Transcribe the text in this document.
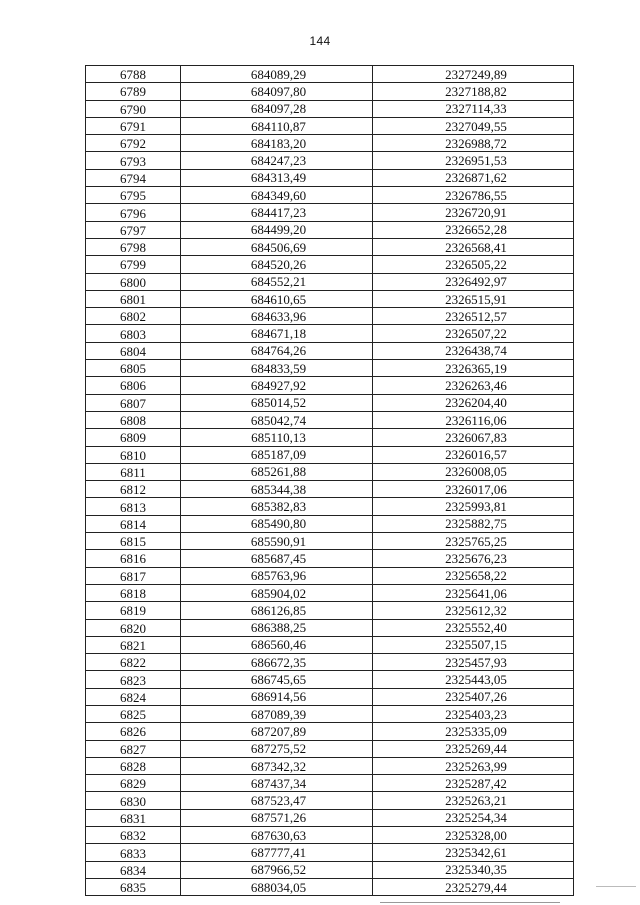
144
6788	684089,29	2327249,89
6789	684097,80	2327188,82
6790	684097,28	2327114,33
6791	684110,87	2327049,55
6792	684183,20	2326988,72
6793	684247,23	2326951,53
6794	684313,49	2326871,62
6795	684349,60	2326786,55
6796	684417,23	2326720,91
6797	684499,20	2326652,28
6798	684506,69	2326568,41
6799	684520,26	2326505,22
6800	684552,21	2326492,97
6801	684610,65	2326515,91
6802	684633,96	2326512,57
6803	684671,18	2326507,22
6804	684764,26	2326438,74
6805	684833,59	2326365,19
6806	684927,92	2326263,46
6807	685014,52	2326204,40
6808	685042,74	2326116,06
6809	685110,13	2326067,83
6810	685187,09	2326016,57
6811	685261,88	2326008,05
6812	685344,38	2326017,06
6813	685382,83	2325993,81
6814	685490,80	2325882,75
6815	685590,91	2325765,25
6816	685687,45	2325676,23
6817	685763,96	2325658,22
6818	685904,02	2325641,06
6819	686126,85	2325612,32
6820	686388,25	2325552,40
6821	686560,46	2325507,15
6822	686672,35	2325457,93
6823	686745,65	2325443,05
6824	686914,56	2325407,26
6825	687089,39	2325403,23
6826	687207,89	2325335,09
6827	687275,52	2325269,44
6828	687342,32	2325263,99
6829	687437,34	2325287,42
6830	687523,47	2325263,21
6831	687571,26	2325254,34
6832	687630,63	2325328,00
6833	687777,41	2325342,61
6834	687966,52	2325340,35
6835	688034,05	2325279,44
